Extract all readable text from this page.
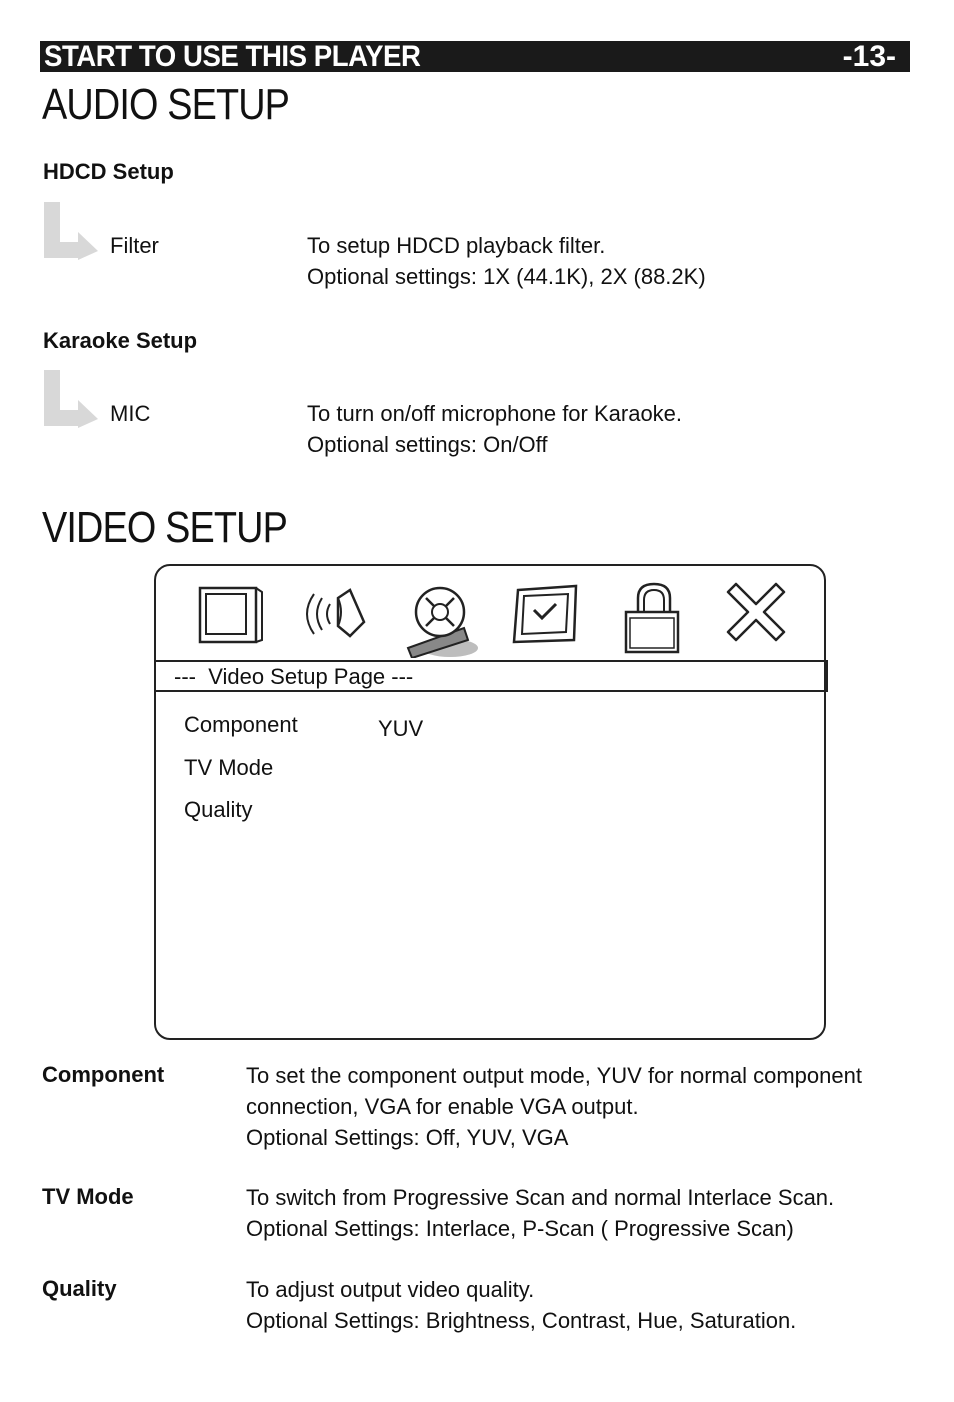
START TO USE THIS PLAYER	-13-
AUDIO SETUP
HDCD Setup
Filter	To setup HDCD playback filter.
Optional settings: 1X (44.1K), 2X (88.2K)
Karaoke Setup
MIC	To turn on/off microphone for Karaoke.
Optional settings: On/Off
VIDEO SETUP
---  Video Setup Page ---
Component	YUV
TV Mode
Quality
Component	To set the component output mode, YUV for normal component
connection, VGA for enable VGA output.
Optional Settings: Off, YUV, VGA
TV Mode	To switch from Progressive Scan and normal Interlace Scan.
Optional Settings: Interlace, P-Scan ( Progressive Scan)
Quality	To adjust output video quality.
Optional Settings: Brightness, Contrast, Hue, Saturation.
